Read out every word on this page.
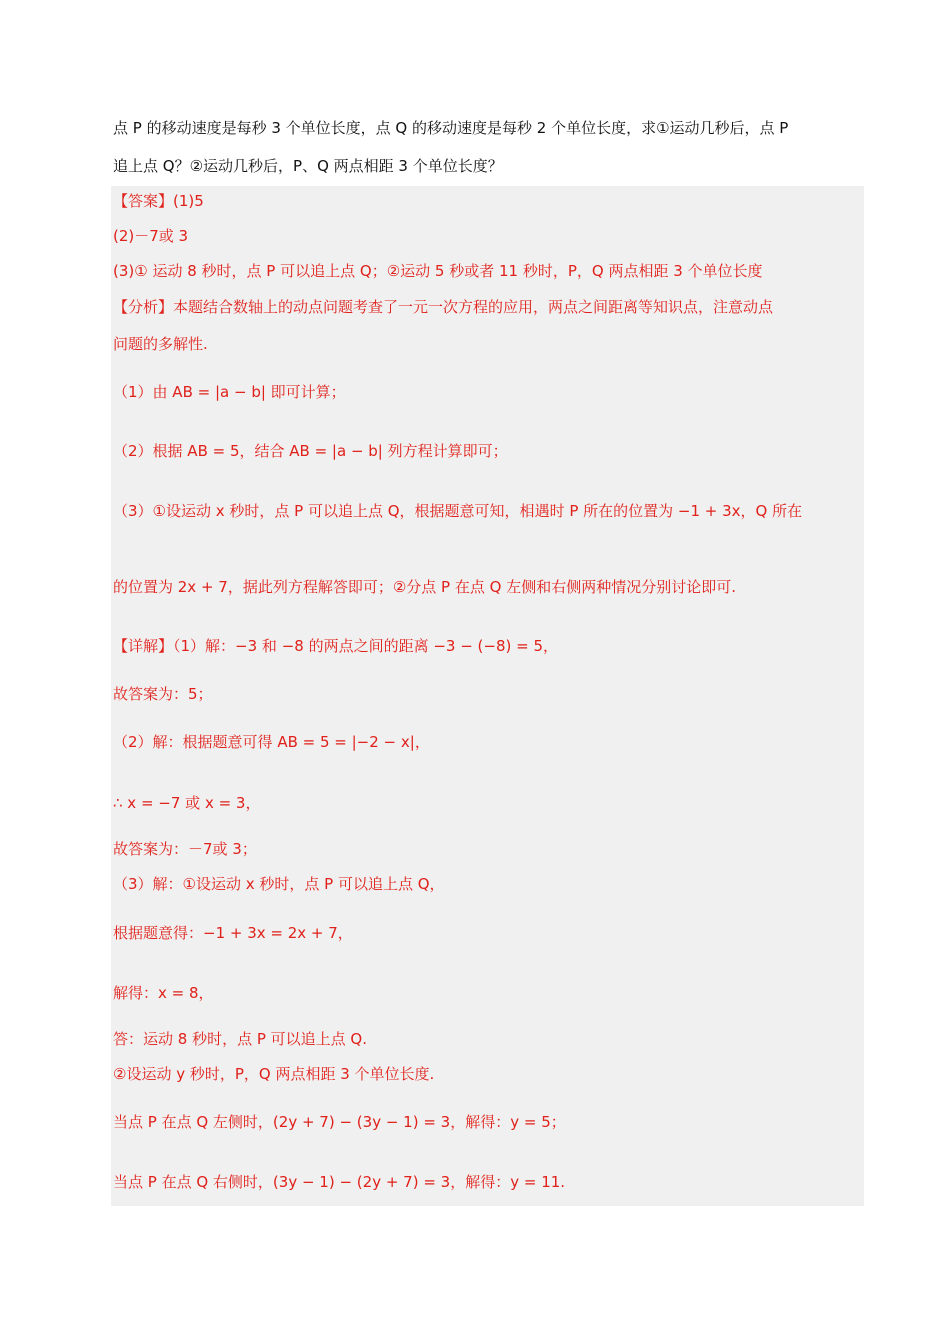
点 P 的移动速度是每秒 3 个单位长度，点 Q 的移动速度是每秒 2 个单位长度，求①运动几秒后，点 P
追上点 Q？②运动几秒后，P、Q 两点相距 3 个单位长度？
【答案】(1)5
(2)－7或 3
(3)① 运动 8 秒时，点 P 可以追上点 Q；②运动 5 秒或者 11 秒时，P，Q 两点相距 3 个单位长度
【分析】本题结合数轴上的动点问题考查了一元一次方程的应用，两点之间距离等知识点，注意动点
问题的多解性.
（1）由 AB = |a − b| 即可计算；
（2）根据 AB = 5，结合 AB = |a − b| 列方程计算即可；
（3）①设运动 x 秒时，点 P 可以追上点 Q，根据题意可知，相遇时 P 所在的位置为 −1 + 3x，Q 所在
的位置为 2x + 7，据此列方程解答即可；②分点 P 在点 Q 左侧和右侧两种情况分别讨论即可.
【详解】（1）解：−3 和 −8 的两点之间的距离 −3 − (−8) = 5，
故答案为：5；
（2）解：根据题意可得 AB = 5 = |−2 − x|，
∴ x = −7 或 x = 3，
故答案为：－7或 3；
（3）解：①设运动 x 秒时，点 P 可以追上点 Q，
根据题意得：−1 + 3x = 2x + 7，
解得：x = 8，
答：运动 8 秒时，点 P 可以追上点 Q.
②设运动 y 秒时，P，Q 两点相距 3 个单位长度.
当点 P 在点 Q 左侧时，(2y + 7) − (3y − 1) = 3，解得：y = 5；
当点 P 在点 Q 右侧时，(3y − 1) − (2y + 7) = 3，解得：y = 11.
